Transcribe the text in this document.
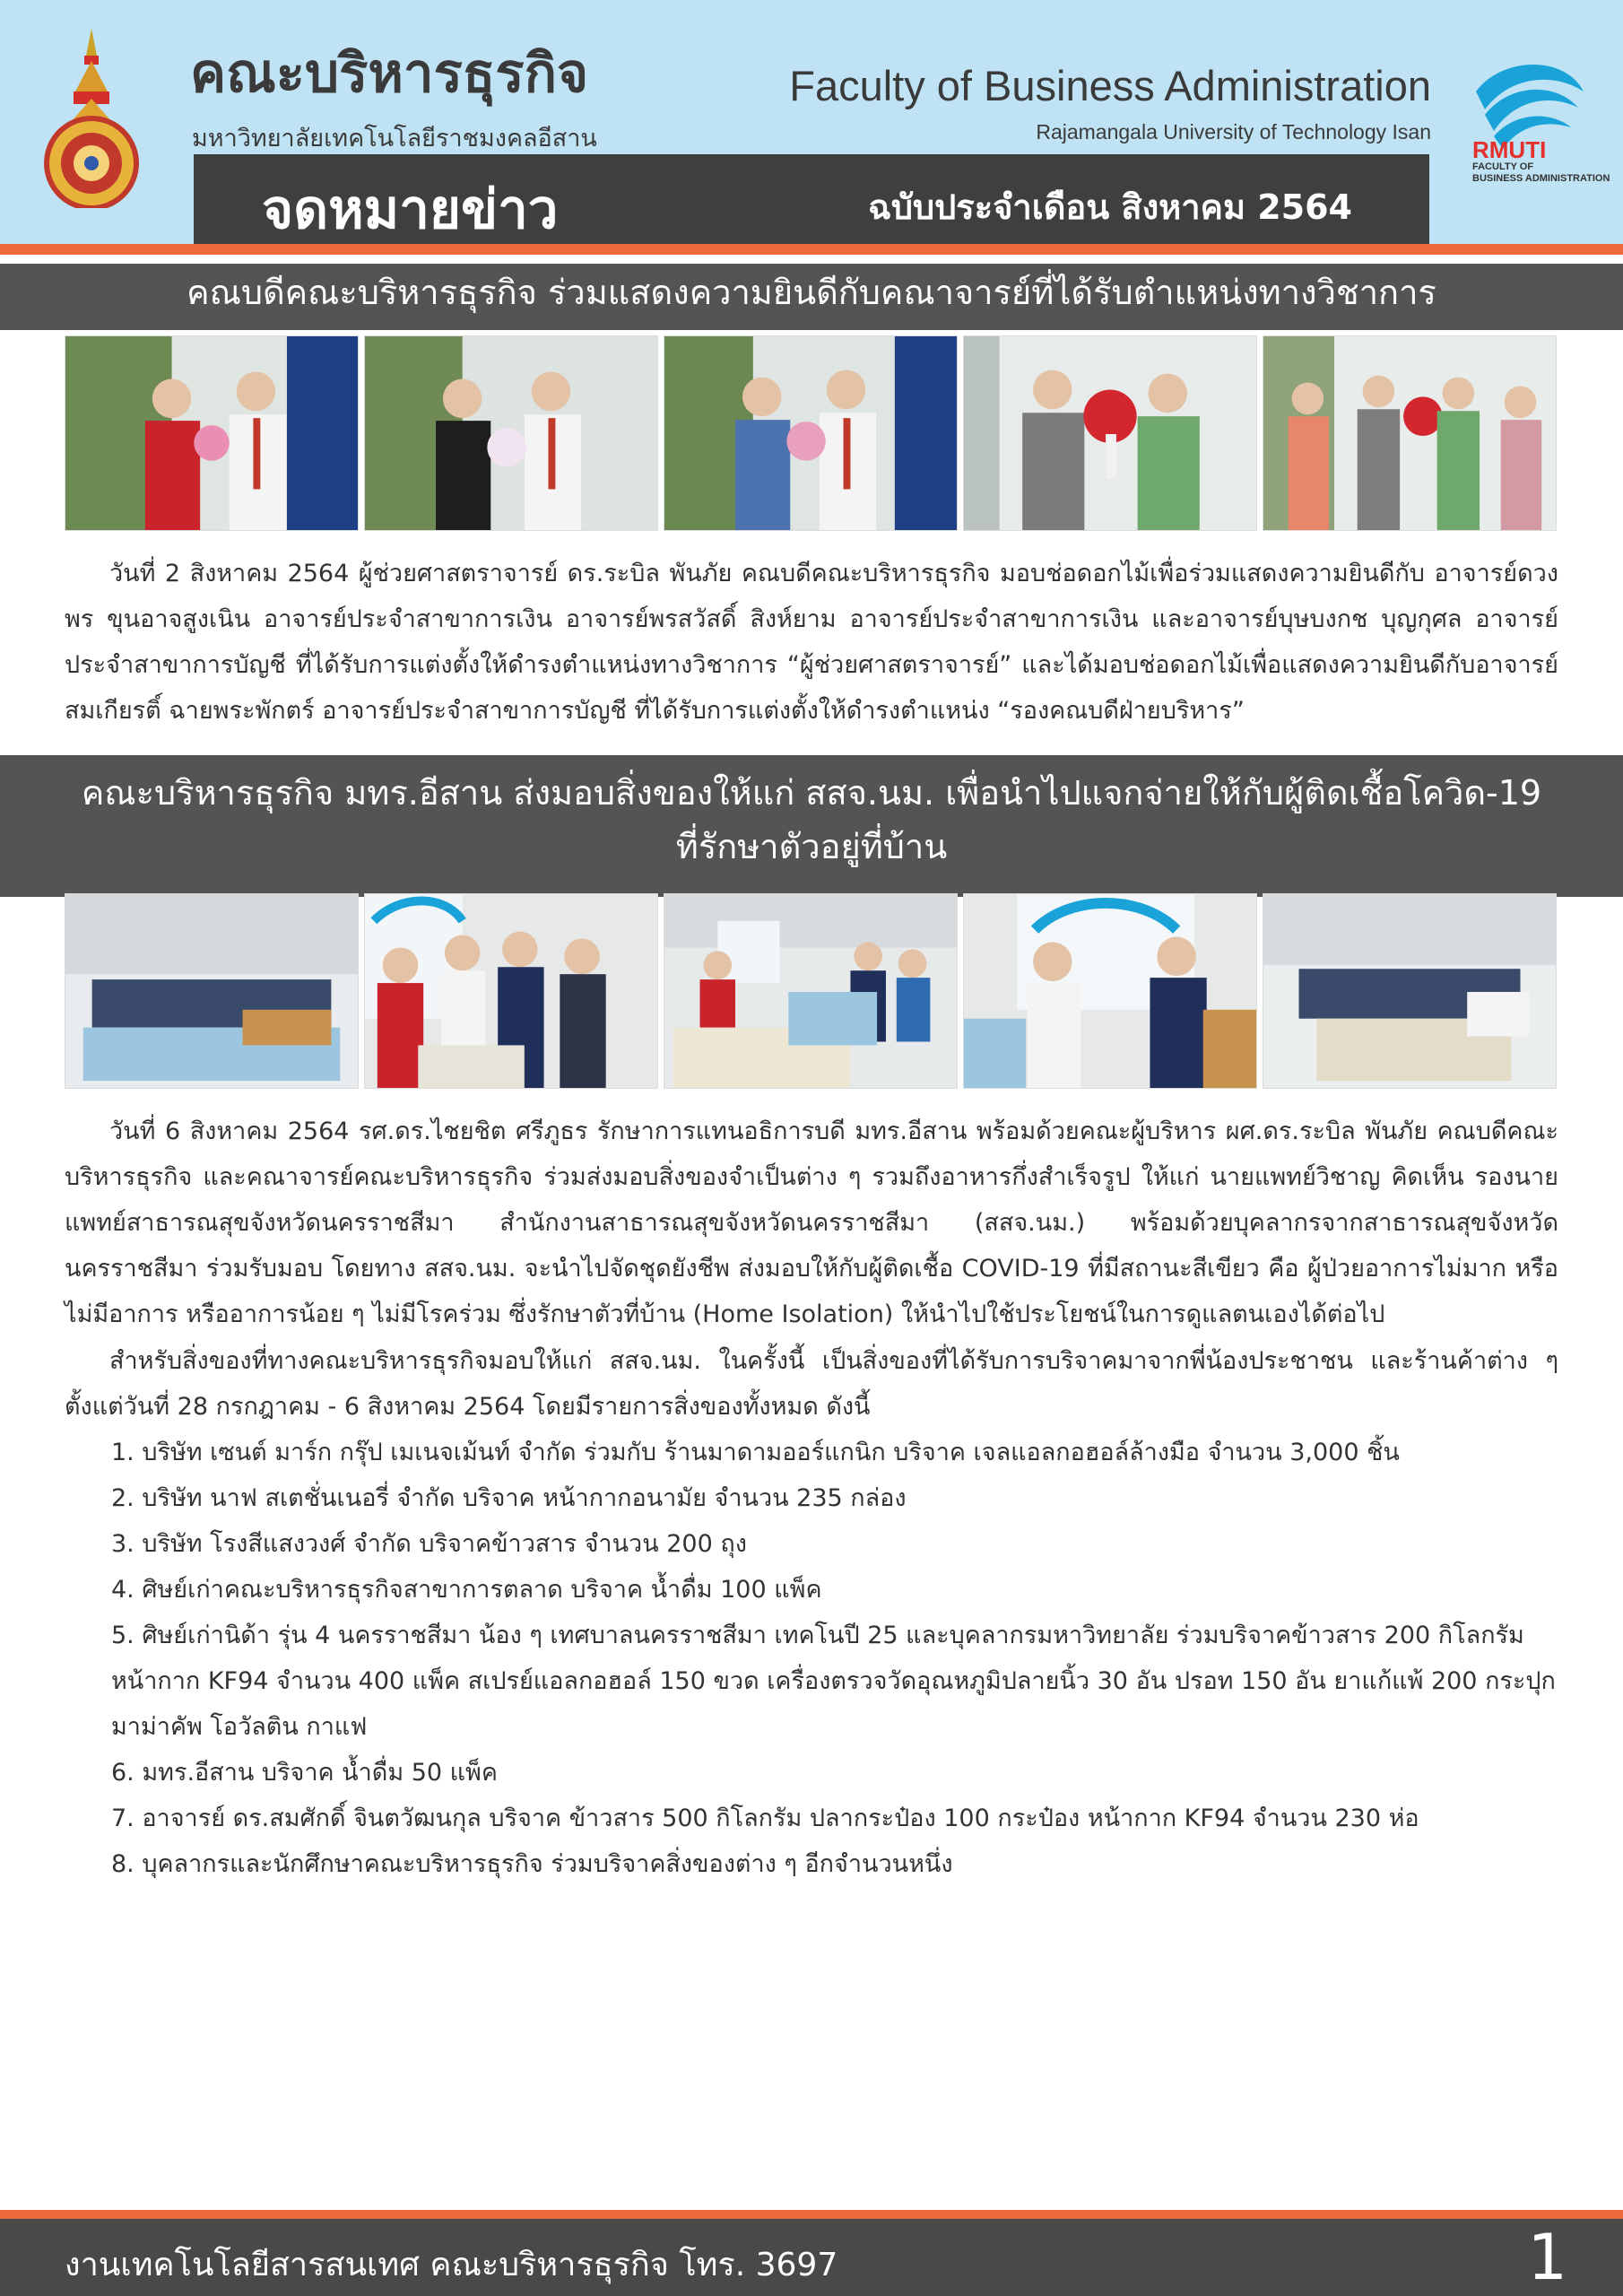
คณะบริหารธุรกิจ
มหาวิทยาลัยเทคโนโลยีราชมงคลอีสาน
Faculty of Business Administration
Rajamangala University of Technology Isan
RMUTI
FACULTY OF
BUSINESS ADMINISTRATION
จดหมายข่าว	ฉบับประจำเดือน สิงหาคม 2564
คณบดีคณะบริหารธุรกิจ ร่วมแสดงความยินดีกับคณาจารย์ที่ได้รับตำแหน่งทางวิชาการ
วันที่ 2 สิงหาคม 2564 ผู้ช่วยศาสตราจารย์ ดร.ระบิล พันภัย คณบดีคณะบริหารธุรกิจ มอบช่อดอกไม้เพื่อร่วมแสดงความยินดีกับ อาจารย์ดวงพร ขุนอาจสูงเนิน อาจารย์ประจำสาขาการเงิน อาจารย์พรสวัสดิ์ สิงห์ยาม อาจารย์ประจำสาขาการเงิน และอาจารย์บุษบงกช บุญกุศล อาจารย์ประจำสาขาการบัญชี ที่ได้รับการแต่งตั้งให้ดำรงตำแหน่งทางวิชาการ “ผู้ช่วยศาสตราจารย์” และได้มอบช่อดอกไม้เพื่อแสดงความยินดีกับอาจารย์สมเกียรติ์ ฉายพระพักตร์ อาจารย์ประจำสาขาการบัญชี ที่ได้รับการแต่งตั้งให้ดำรงตำแหน่ง “รองคณบดีฝ่ายบริหาร”
คณะบริหารธุรกิจ มทร.อีสาน ส่งมอบสิ่งของให้แก่ สสจ.นม. เพื่อนำไปแจกจ่ายให้กับผู้ติดเชื้อโควิด-19
ที่รักษาตัวอยู่ที่บ้าน
วันที่ 6 สิงหาคม 2564 รศ.ดร.ไชยชิต ศรีภูธร รักษาการแทนอธิการบดี มทร.อีสาน พร้อมด้วยคณะผู้บริหาร ผศ.ดร.ระบิล พันภัย คณบดีคณะบริหารธุรกิจ และคณาจารย์คณะบริหารธุรกิจ ร่วมส่งมอบสิ่งของจำเป็นต่าง ๆ รวมถึงอาหารกึ่งสำเร็จรูป ให้แก่ นายแพทย์วิชาญ คิดเห็น รองนายแพทย์สาธารณสุขจังหวัดนครราชสีมา สำนักงานสาธารณสุขจังหวัดนครราชสีมา (สสจ.นม.) พร้อมด้วยบุคลากรจากสาธารณสุขจังหวัดนครราชสีมา ร่วมรับมอบ โดยทาง สสจ.นม. จะนำไปจัดชุดยังชีพ ส่งมอบให้กับผู้ติดเชื้อ COVID-19 ที่มีสถานะสีเขียว คือ ผู้ป่วยอาการไม่มาก หรือไม่มีอาการ หรืออาการน้อย ๆ ไม่มีโรคร่วม ซึ่งรักษาตัวที่บ้าน (Home Isolation) ให้นำไปใช้ประโยชน์ในการดูแลตนเองได้ต่อไป
สำหรับสิ่งของที่ทางคณะบริหารธุรกิจมอบให้แก่ สสจ.นม. ในครั้งนี้ เป็นสิ่งของที่ได้รับการบริจาคมาจากพี่น้องประชาชน และร้านค้าต่าง ๆ ตั้งแต่วันที่ 28 กรกฎาคม - 6 สิงหาคม 2564 โดยมีรายการสิ่งของทั้งหมด ดังนี้
1. บริษัท เซนต์ มาร์ก กรุ๊ป เมเนจเม้นท์ จำกัด ร่วมกับ ร้านมาดามออร์แกนิก บริจาค เจลแอลกอฮอล์ล้างมือ จำนวน 3,000 ชิ้น
2. บริษัท นาฟ สเตชั่นเนอรี่ จำกัด บริจาค หน้ากากอนามัย จำนวน 235 กล่อง
3. บริษัท โรงสีแสงวงศ์ จำกัด บริจาคข้าวสาร จำนวน 200 ถุง
4. ศิษย์เก่าคณะบริหารธุรกิจสาขาการตลาด บริจาค น้ำดื่ม 100 แพ็ค
5. ศิษย์เก่านิด้า รุ่น 4 นครราชสีมา น้อง ๆ เทศบาลนครราชสีมา เทคโนปี 25 และบุคลากรมหาวิทยาลัย ร่วมบริจาคข้าวสาร 200 กิโลกรัม หน้ากาก KF94 จำนวน 400 แพ็ค สเปรย์แอลกอฮอล์ 150 ขวด เครื่องตรวจวัดอุณหภูมิปลายนิ้ว 30 อัน ปรอท 150 อัน ยาแก้แพ้ 200 กระปุก มาม่าคัพ โอวัลติน กาแฟ
6. มทร.อีสาน บริจาค น้ำดื่ม 50 แพ็ค
7. อาจารย์ ดร.สมศักดิ์ จินตวัฒนกุล บริจาค ข้าวสาร 500 กิโลกรัม ปลากระป๋อง 100 กระป๋อง หน้ากาก KF94 จำนวน 230 ห่อ
8. บุคลากรและนักศึกษาคณะบริหารธุรกิจ ร่วมบริจาคสิ่งของต่าง ๆ อีกจำนวนหนึ่ง
งานเทคโนโลยีสารสนเทศ คณะบริหารธุรกิจ โทร. 3697	1
